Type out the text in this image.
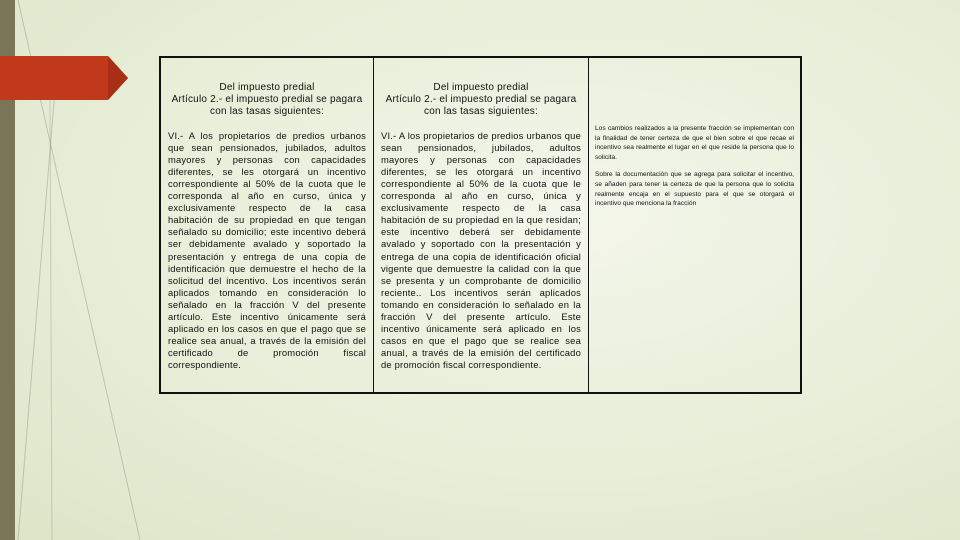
Del impuesto predial
Artículo 2.- el impuesto predial se pagara con las tasas siguientes:
VI.- A los propietarios de predios urbanos que sean pensionados, jubilados, adultos mayores y personas con capacidades diferentes, se les otorgará un incentivo correspondiente al 50% de la cuota que le corresponda al año en curso, única y exclusivamente respecto de la casa habitación de su propiedad en que tengan señalado su domicilio; este incentivo deberá ser debidamente avalado y soportado la presentación y entrega de una copia de identificación que demuestre el hecho de la solicitud del incentivo. Los incentivos serán aplicados tomando en consideración lo señalado en la fracción V del presente artículo. Este incentivo únicamente será aplicado en los casos en que el pago que se realice sea anual, a través de la emisión del certificado de promoción fiscal correspondiente.

Del impuesto predial
Artículo 2.- el impuesto predial se pagara con las tasas siguientes:
VI.- A los propietarios de predios urbanos que sean pensionados, jubilados, adultos mayores y personas con capacidades diferentes, se les otorgará un incentivo correspondiente al 50% de la cuota que le corresponda al año en curso, única y exclusivamente respecto de la casa habitación de su propiedad en la que residan; este incentivo deberá ser debidamente avalado y soportado con la presentación y entrega de una copia de identificación oficial vigente que demuestre la calidad con la que se presenta y un comprobante de domicilio reciente.. Los incentivos serán aplicados tomando en consideración lo señalado en la fracción V del presente artículo. Este incentivo únicamente será aplicado en los casos en que el pago que se realice sea anual, a través de la emisión del certificado de promoción fiscal correspondiente.

Los cambios realizados a la presente fracción se implementan con la finalidad de tener certeza de que el bien sobre el que recae el incentivo sea realmente el lugar en el que reside la persona que lo solicita.
Sobre la documentación que se agrega para solicitar el incentivo, se añaden para tener la certeza de que la persona que lo solicita realmente encaja en el supuesto para el que se otorgará el incentivo que menciona la fracción
